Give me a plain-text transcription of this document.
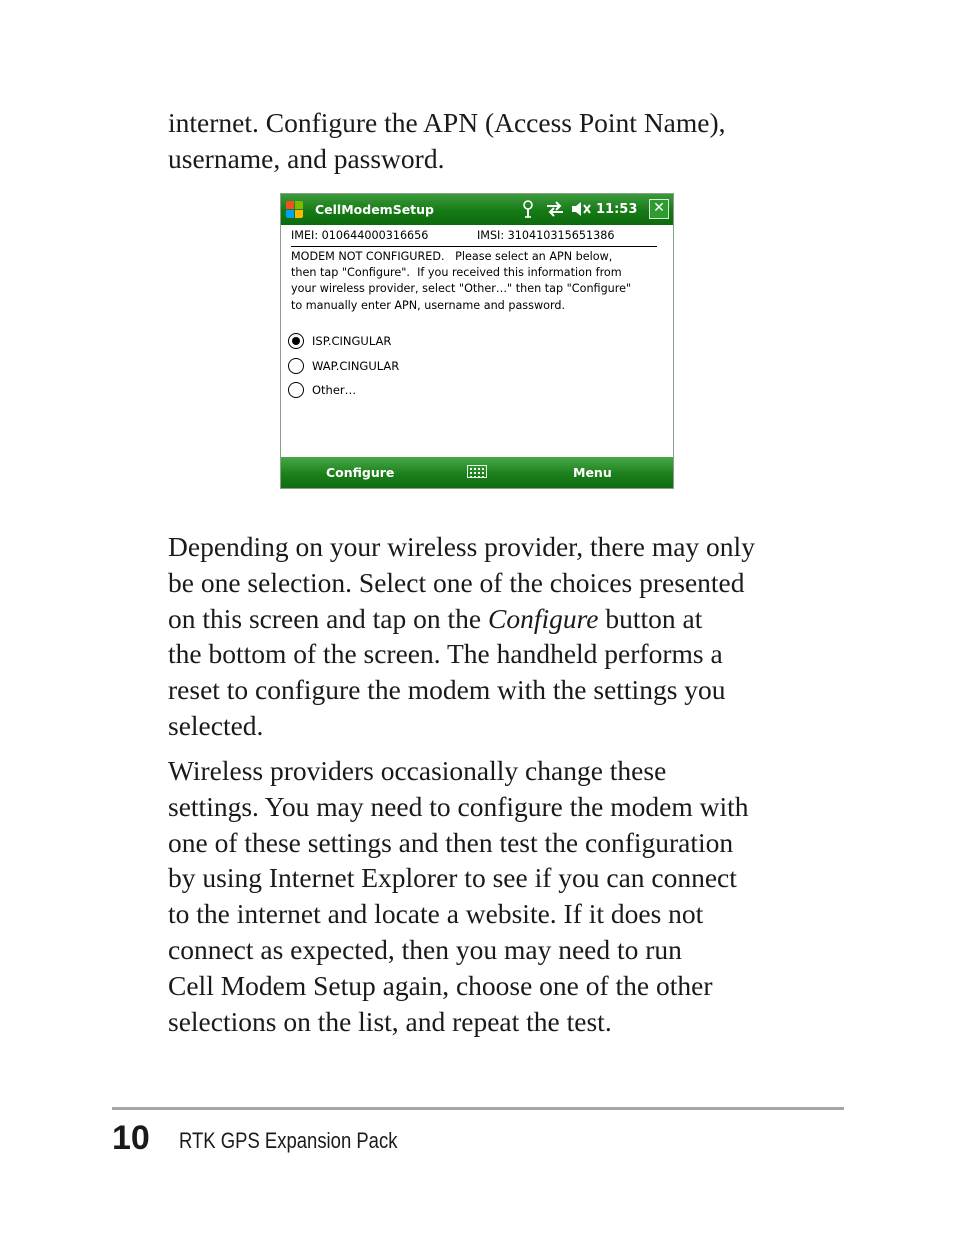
internet. Configure the APN (Access Point Name),
username, and password.

CellModemSetup	11:53 ✕
IMEI: 010644000316656	IMSI: 310410315651386
MODEM NOT CONFIGURED.   Please select an APN below,
then tap "Configure".  If you received this information from
your wireless provider, select "Other…" then tap "Configure"
to manually enter APN, username and password.
ISP.CINGULAR
WAP.CINGULAR
Other…
Configure	Menu

Depending on your wireless provider, there may only
be one selection. Select one of the choices presented
on this screen and tap on the Configure button at
the bottom of the screen. The handheld performs a
reset to configure the modem with the settings you
selected.

Wireless providers occasionally change these
settings. You may need to configure the modem with
one of these settings and then test the configuration
by using Internet Explorer to see if you can connect
to the internet and locate a website. If it does not
connect as expected, then you may need to run
Cell Modem Setup again, choose one of the other
selections on the list, and repeat the test.

10 RTK GPS Expansion Pack
